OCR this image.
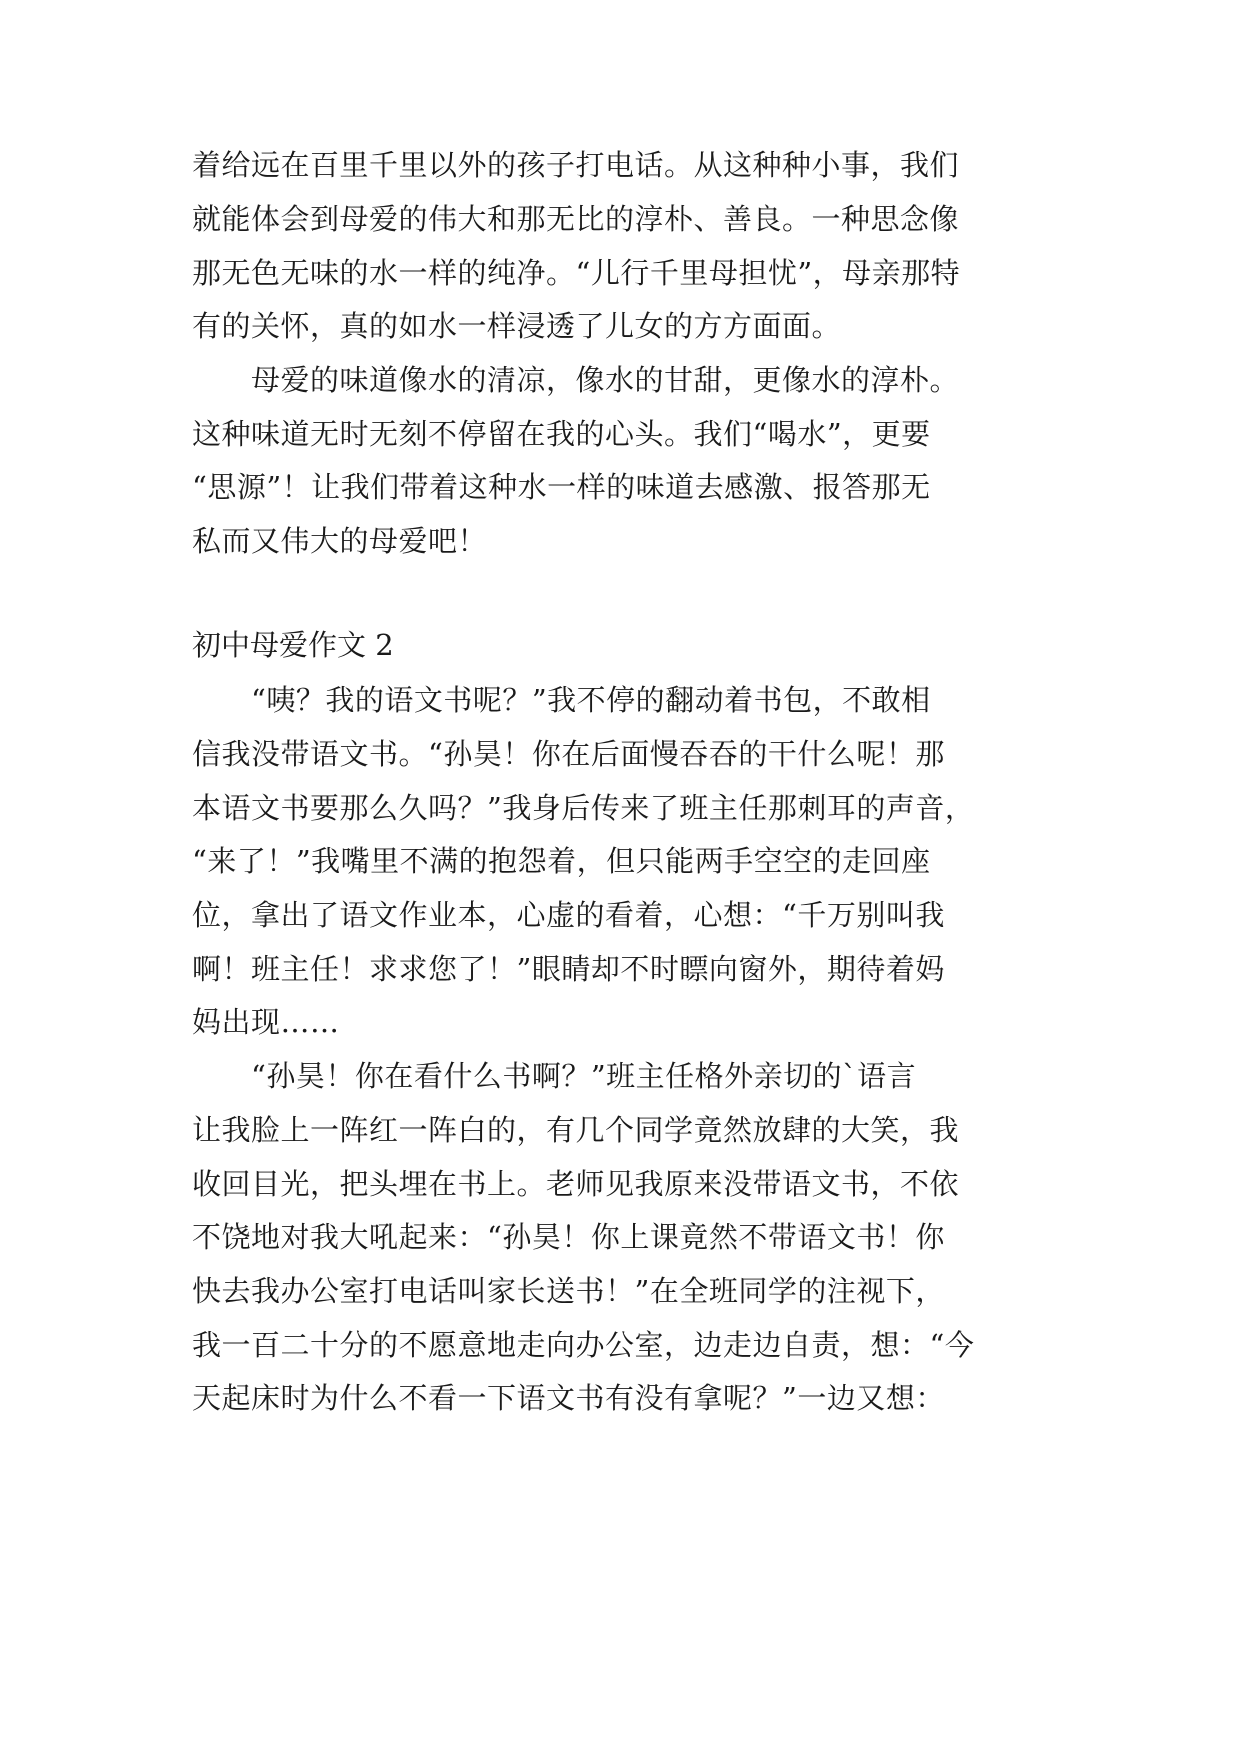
着给远在百里千里以外的孩子打电话。从这种种小事，我们
就能体会到母爱的伟大和那无比的淳朴、善良。一种思念像
那无色无味的水一样的纯净。“儿行千里母担忧”，母亲那特
有的关怀，真的如水一样浸透了儿女的方方面面。
　　母爱的味道像水的清凉，像水的甘甜，更像水的淳朴。
这种味道无时无刻不停留在我的心头。我们“喝水”，更要
“思源”！让我们带着这种水一样的味道去感激、报答那无
私而又伟大的母爱吧！
初中母爱作文 2
　　“咦？我的语文书呢？”我不停的翻动着书包，不敢相
信我没带语文书。“孙昊！你在后面慢吞吞的干什么呢！那
本语文书要那么久吗？”我身后传来了班主任那刺耳的声音，
“来了！”我嘴里不满的抱怨着，但只能两手空空的走回座
位，拿出了语文作业本，心虚的看着，心想：“千万别叫我
啊！班主任！求求您了！”眼睛却不时瞟向窗外，期待着妈
妈出现……
　　“孙昊！你在看什么书啊？”班主任格外亲切的`语言
让我脸上一阵红一阵白的，有几个同学竟然放肆的大笑，我
收回目光，把头埋在书上。老师见我原来没带语文书，不依
不饶地对我大吼起来：“孙昊！你上课竟然不带语文书！你
快去我办公室打电话叫家长送书！”在全班同学的注视下，
我一百二十分的不愿意地走向办公室，边走边自责，想：“今
天起床时为什么不看一下语文书有没有拿呢？”一边又想：
